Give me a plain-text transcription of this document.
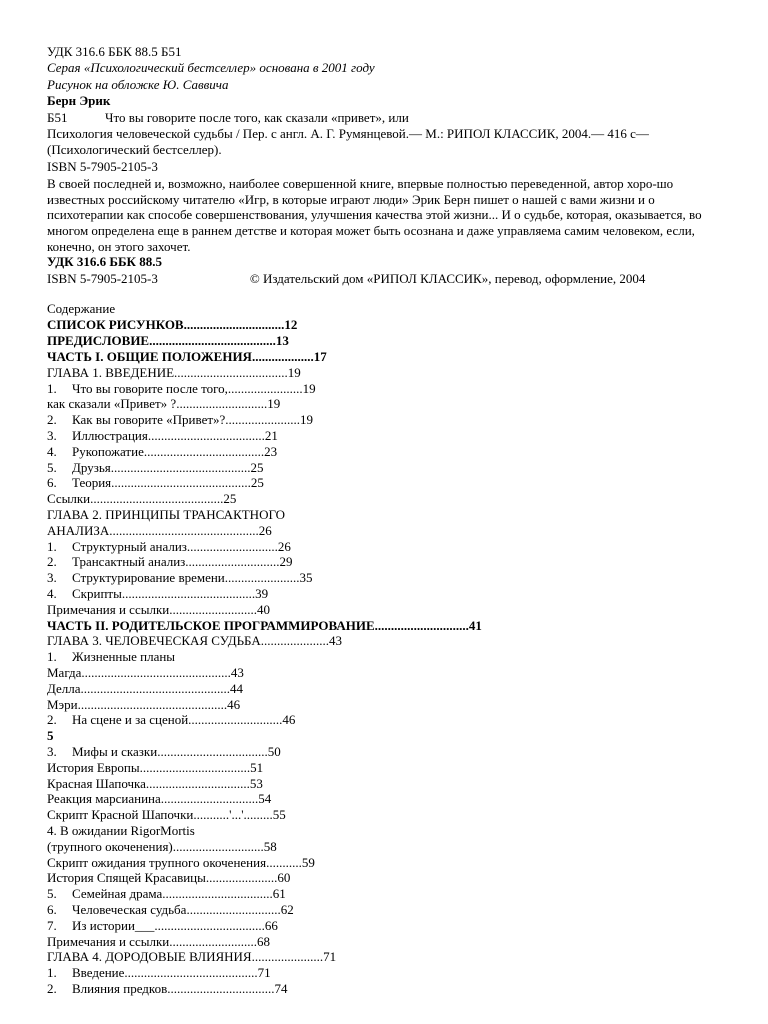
УДК 316.6 ББК 88.5 Б51
Серая «Психологический бестселлер» основана в 2001 году
Рисунок на обложке Ю. Саввича
Берн Эрик
Б51	Что вы говорите после того, как сказали «привет», или
Психология человеческой судьбы / Пер. с англ. А. Г. Румянцевой.— М.: РИПОЛ КЛАССИК, 2004.— 416 с—
(Психологический бестселлер).
ISBN 5-7905-2105-3
В своей последней и, возможно, наиболее совершенной книге, впервые полностью переведенной, автор хоро-шо известных российскому читателю «Игр, в которые играют люди» Эрик Берн пишет о нашей с вами жизни и о психотерапии как способе совершенствования, улучшения качества этой жизни... И о судьбе, которая, оказывается, во многом определена еще в раннем детстве и которая может быть осознана и даже управляема самим человеком, если, конечно, он этого захочет.
УДК 316.6 ББК 88.5
ISBN 5-7905-2105-3	© Издательский дом «РИПОЛ КЛАССИК», перевод, оформление, 2004
Содержание
СПИСОК РИСУНКОВ...............................12
ПРЕДИСЛОВИЕ.......................................13
ЧАСТЬ I. ОБЩИЕ ПОЛОЖЕНИЯ...................17
ГЛАВА 1. ВВЕДЕНИЕ...................................19
1. Что вы говорите после того,.......................19
как сказали «Привет» ?............................19
2. Как вы говорите «Привет»?.......................19
3. Иллюстрация....................................21
4. Рукопожатие.....................................23
5. Друзья...........................................25
6. Теория...........................................25
Ссылки.........................................25
ГЛАВА 2. ПРИНЦИПЫ ТРАНСАКТНОГО
АНАЛИЗА..............................................26
1. Структурный анализ............................26
2. Трансактный анализ.............................29
3. Структурирование времени.......................35
4. Скрипты.........................................39
Примечания и ссылки...........................40
ЧАСТЬ II. РОДИТЕЛЬСКОЕ ПРОГРАММИРОВАНИЕ.............................41
ГЛАВА 3. ЧЕЛОВЕЧЕСКАЯ СУДЬБА.....................43
1. Жизненные планы
Магда..............................................43
Делла..............................................44
Мэри..............................................46
2. На сцене и за сценой.............................46
5
3. Мифы и сказки..................................50
История Европы..................................51
Красная Шапочка................................53
Реакция марсианина..............................54
Скрипт Красной Шапочки...........'...'.........55
4. В ожидании RigorMortis
(трупного окоченения)............................58
Скрипт ожидания трупного окоченения...........59
История Спящей Красавицы......................60
5. Семейная драма..................................61
6. Человеческая судьба.............................62
7. Из истории___..................................66
Примечания и ссылки...........................68
ГЛАВА 4. ДОРОДОВЫЕ ВЛИЯНИЯ......................71
1. Введение.........................................71
2. Влияния предков.................................74
